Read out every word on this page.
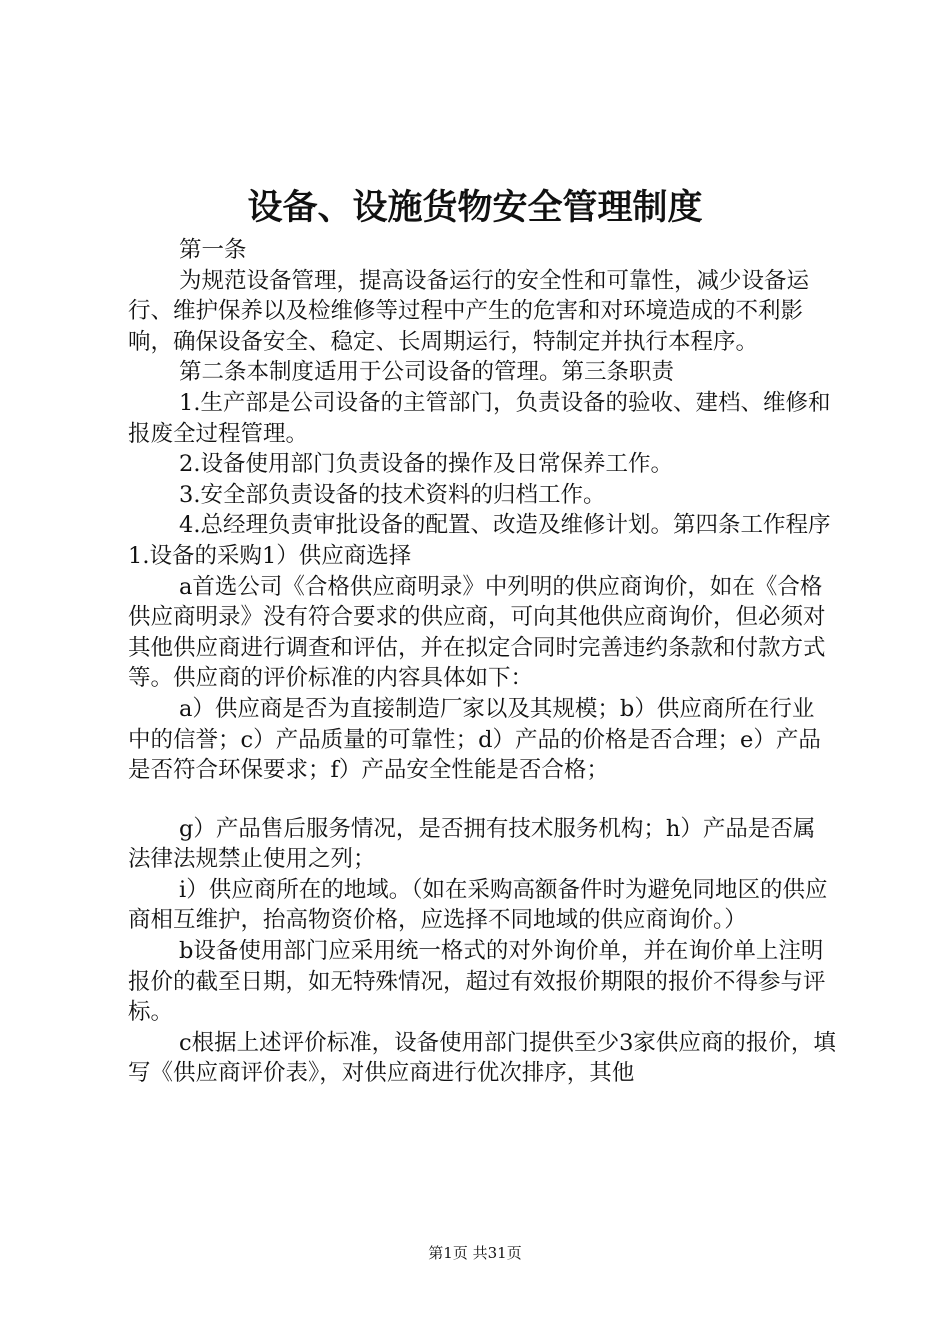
设备、设施货物安全管理制度

第一条

为规范设备管理，提高设备运行的安全性和可靠性，减少设备运行、维护保养以及检维修等过程中产生的危害和对环境造成的不利影响，确保设备安全、稳定、长周期运行，特制定并执行本程序。

第二条本制度适用于公司设备的管理。第三条职责

1.生产部是公司设备的主管部门，负责设备的验收、建档、维修和报废全过程管理。

2.设备使用部门负责设备的操作及日常保养工作。

3.安全部负责设备的技术资料的归档工作。

4.总经理负责审批设备的配置、改造及维修计划。第四条工作程序1.设备的采购1）供应商选择

a首选公司《合格供应商明录》中列明的供应商询价，如在《合格供应商明录》没有符合要求的供应商，可向其他供应商询价，但必须对其他供应商进行调查和评估，并在拟定合同时完善违约条款和付款方式等。供应商的评价标准的内容具体如下：

a）供应商是否为直接制造厂家以及其规模；b）供应商所在行业中的信誉；c）产品质量的可靠性；d）产品的价格是否合理；e）产品是否符合环保要求；f）产品安全性能是否合格；

g）产品售后服务情况，是否拥有技术服务机构；h）产品是否属法律法规禁止使用之列；

i）供应商所在的地域。（如在采购高额备件时为避免同地区的供应商相互维护，抬高物资价格，应选择不同地域的供应商询价。）

b设备使用部门应采用统一格式的对外询价单，并在询价单上注明报价的截至日期，如无特殊情况，超过有效报价期限的报价不得参与评标。

c根据上述评价标准，设备使用部门提供至少3家供应商的报价，填写《供应商评价表》，对供应商进行优次排序，其他

第1页 共31页
